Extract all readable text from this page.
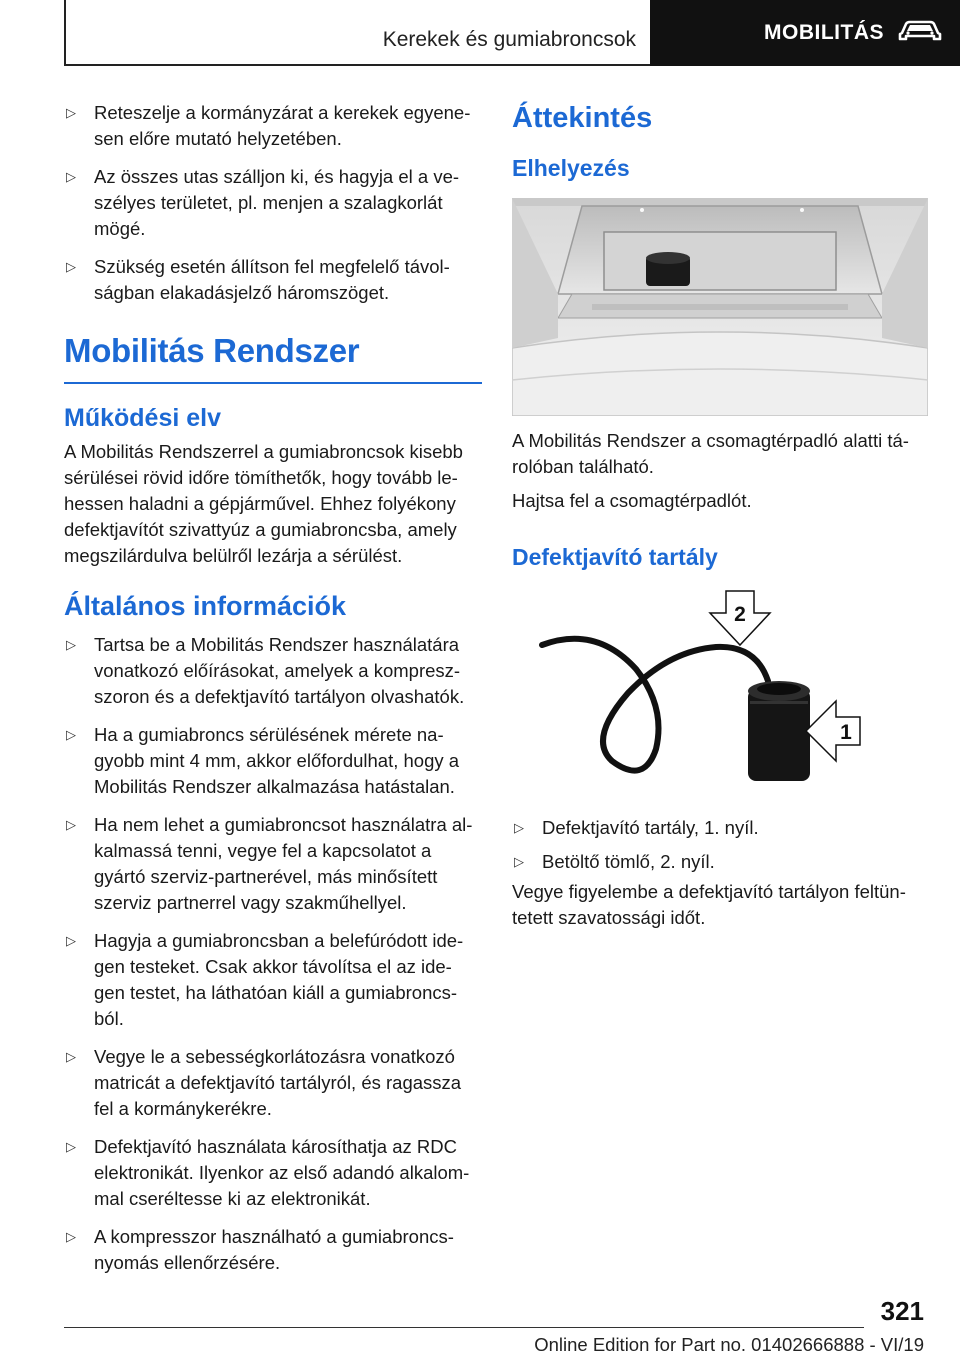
Kerekek és gumiabroncsok	MOBILITÁS
▷ Reteszelje a kormányzárat a kerekek egyene-sen előre mutató helyzetében.
▷ Az összes utas szálljon ki, és hagyja el a ve-szélyes területet, pl. menjen a szalagkorlát mögé.
▷ Szükség esetén állítson fel megfelelő távol-ságban elakadásjelző háromszöget.
Mobilitás Rendszer
Működési elv

A Mobilitás Rendszerrel a gumiabroncsok kisebb sérülései rövid időre tömíthetők, hogy tovább le-hessen haladni a gépjárművel. Ehhez folyékony defektjavítót szivattyúz a gumiabroncsba, amely megszilárdulva belülről lezárja a sérülést.

Általános információk
▷ Tartsa be a Mobilitás Rendszer használatára vonatkozó előírásokat, amelyek a kompresz-szoron és a defektjavító tartályon olvashatók.
▷ Ha a gumiabroncs sérülésének mérete na-gyobb mint 4 mm, akkor előfordulhat, hogy a Mobilitás Rendszer alkalmazása hatástalan.
▷ Ha nem lehet a gumiabroncsot használatra al-kalmassá tenni, vegye fel a kapcsolatot a gyártó szerviz-partnerével, más minősített szerviz partnerrel vagy szakműhellyel.
▷ Hagyja a gumiabroncsban a belefúródott ide-gen testeket. Csak akkor távolítsa el az ide-gen testet, ha láthatóan kiáll a gumiabroncs-ból.
▷ Vegye le a sebességkorlátozásra vonatkozó matricát a defektjavító tartályról, és ragassza fel a kormánykerékre.
▷ Defektjavító használata károsíthatja az RDC elektronikát. Ilyenkor az első adandó alkalom-mal cseréltesse ki az elektronikát.
▷ A kompresszor használható a gumiabroncs-nyomás ellenőrzésére.
Áttekintés
Elhelyezés

A Mobilitás Rendszer a csomagtérpadló alatti tá-rolóban található.

Hajtsa fel a csomagtérpadlót.

Defektjavító tartály
2
1
▷ Defektjavító tartály, 1. nyíl.
▷ Betöltő tömlő, 2. nyíl.

Vegye figyelembe a defektjavító tartályon feltün-tetett szavatossági időt.

321
Online Edition for Part no. 01402666888 - VI/19
